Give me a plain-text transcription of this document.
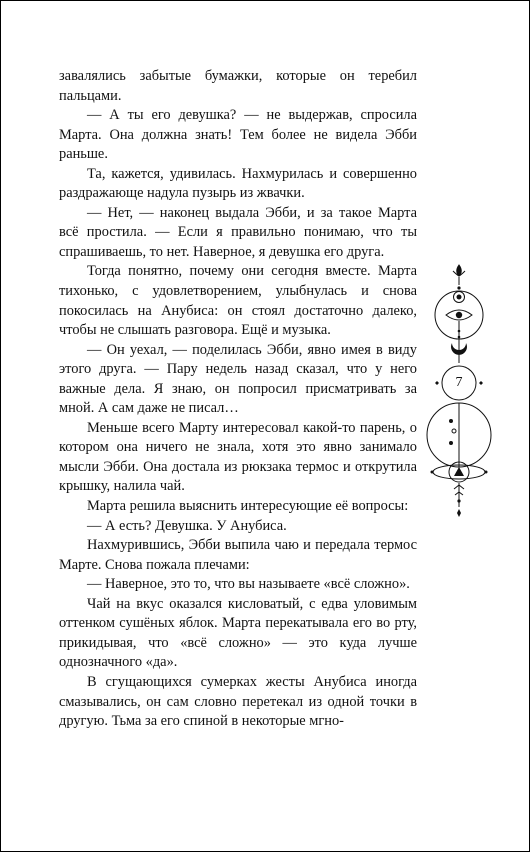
завалялись забытые бумажки, которые он теребил пальцами.

— А ты его девушка? — не выдержав, спросила Марта. Она должна знать! Тем более не видела Эбби раньше.

Та, кажется, удивилась. Нахмурилась и совершенно раздражающе надула пузырь из жвачки.

— Нет, — наконец выдала Эбби, и за такое Марта всё простила. — Если я правильно понимаю, что ты спрашиваешь, то нет. Наверное, я девушка его друга.

Тогда понятно, почему они сегодня вместе. Марта тихонько, с удовлетворением, улыбнулась и снова покосилась на Анубиса: он стоял достаточно далеко, чтобы не слышать разговора. Ещё и музыка.

— Он уехал, — поделилась Эбби, явно имея в виду этого друга. — Пару недель назад сказал, что у него важные дела. Я знаю, он попросил присматривать за мной. А сам даже не писал…

Меньше всего Марту интересовал какой-то парень, о котором она ничего не знала, хотя это явно занимало мысли Эбби. Она достала из рюкзака термос и открутила крышку, налила чай.

Марта решила выяснить интересующие её вопросы:

— А есть? Девушка. У Анубиса.

Нахмурившись, Эбби выпила чаю и передала термос Марте. Снова пожала плечами:

— Наверное, это то, что вы называете «всё сложно».

Чай на вкус оказался кисловатый, с едва уловимым оттенком сушёных яблок. Марта перекатывала его во рту, прикидывая, что «всё сложно» — это куда лучше однозначного «да».

В сгущающихся сумерках жесты Анубиса иногда смазывались, он сам словно перетекал из одной точки в другую. Тьма за его спиной в некоторые мгно-

7
